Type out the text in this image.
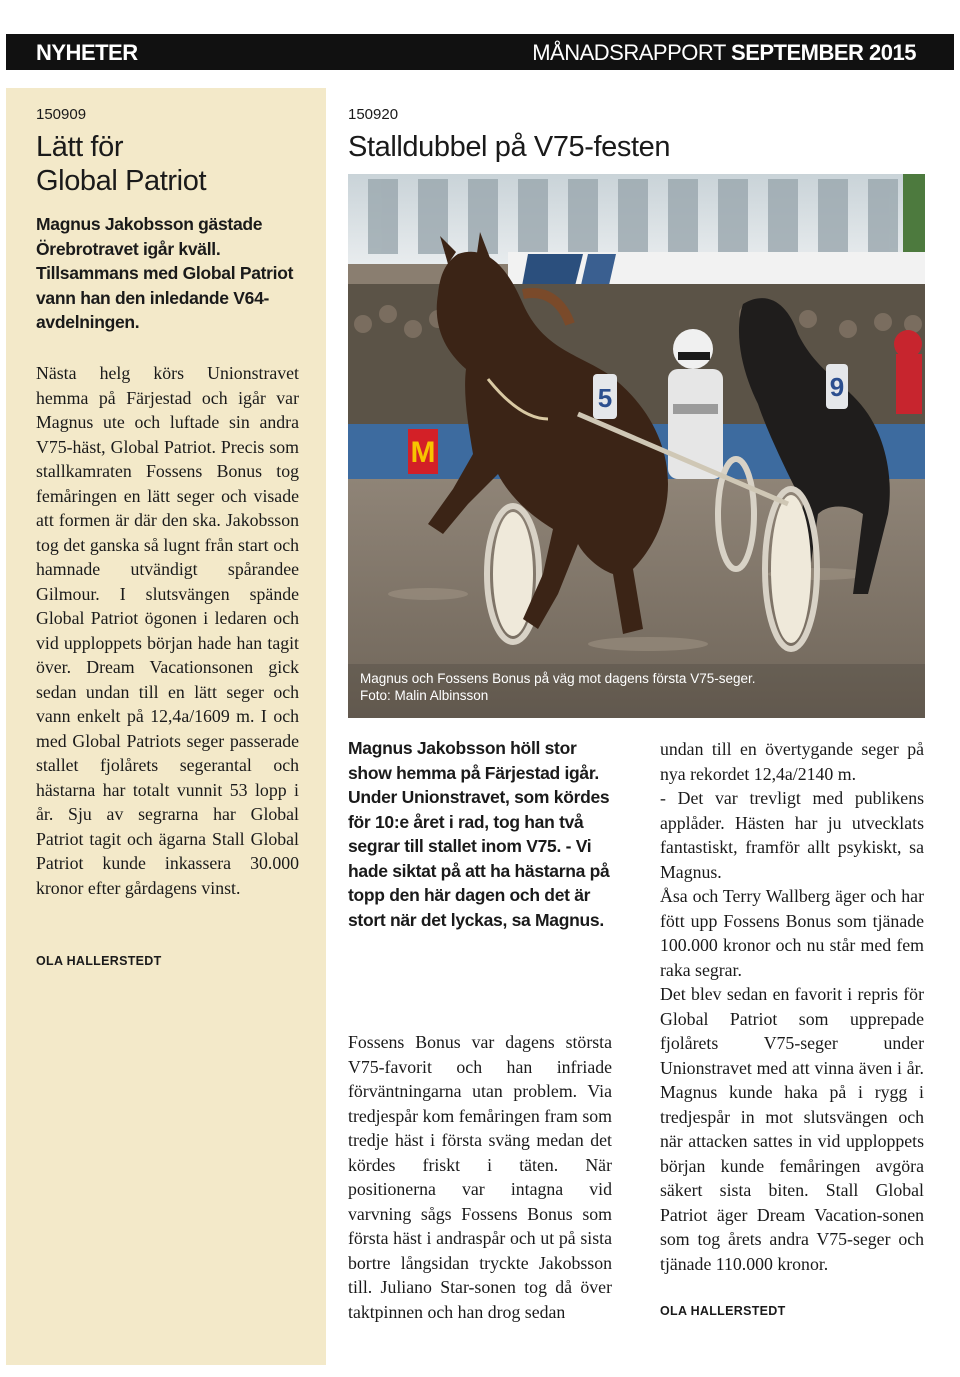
NYHETER	MÅNADSRAPPORT SEPTEMBER 2015
150909
Lätt för
Global Patriot

Magnus Jakobsson gästade Örebrotravet igår kväll. Tillsammans med Global Patriot vann han den inledande V64-avdelningen.

Nästa helg körs Unionstravet hemma på Färjestad och igår var Magnus ute och luftade sin andra V75-häst, Global Patriot. Precis som stallkamraten Fossens Bonus tog femåringen en lätt seger och visade att formen är där den ska. Jakobsson tog det ganska så lugnt från start och hamnade utvändigt spårandee Gilmour. I slutsvängen spände Global Patriot ögonen i ledaren och vid upploppets början hade han tagit över. Dream Vacationsonen gick sedan undan till en lätt seger och vann enkelt på 12,4a/1609 m. I och med Global Patriots seger passerade stallet fjolårets segerantal och hästarna har totalt vunnit 53 lopp i år. Sju av segrarna har Global Patriot tagit och ägarna Stall Global Patriot kunde inkassera 30.000 kronor efter gårdagens vinst.

OLA HALLERSTEDT
150920
Stalldubbel på V75-festen
M
9
5
Magnus och Fossens Bonus på väg mot dagens första V75-seger.
Foto: Malin Albinsson

Magnus Jakobsson höll stor show hemma på Färjestad igår. Under Unionstravet, som kördes för 10:e året i rad, tog han två segrar till stallet inom V75. - Vi hade siktat på att ha hästarna på topp den här dagen och det är stort när det lyckas, sa Magnus.

Fossens Bonus var dagens största V75-favorit och han infriade förväntningarna utan problem. Via tredjespår kom femåringen fram som tredje häst i första sväng medan det kördes friskt i täten. När positionerna var intagna vid varvning sågs Fossens Bonus som första häst i andraspår och ut på sista bortre långsidan tryckte Jakobsson till. Juliano Star-sonen tog då över taktpinnen och han drog sedan

undan till en övertygande seger på nya rekordet 12,4a/2140 m.

- Det var trevligt med publikens applåder. Hästen har ju utvecklats fantastiskt, framför allt psykiskt, sa Magnus.

Åsa och Terry Wallberg äger och har fött upp Fossens Bonus som tjänade 100.000 kronor och nu står med fem raka segrar.

Det blev sedan en favorit i repris för Global Patriot som upprepade fjolårets V75-seger under Unionstravet med att vinna även i år. Magnus kunde haka på i rygg i tredjespår in mot slutsvängen och när attacken sattes in vid upploppets början kunde femåringen avgöra säkert sista biten. Stall Global Patriot äger Dream Vacation-sonen som tog årets andra V75-seger och tjänade 110.000 kronor.

OLA HALLERSTEDT
